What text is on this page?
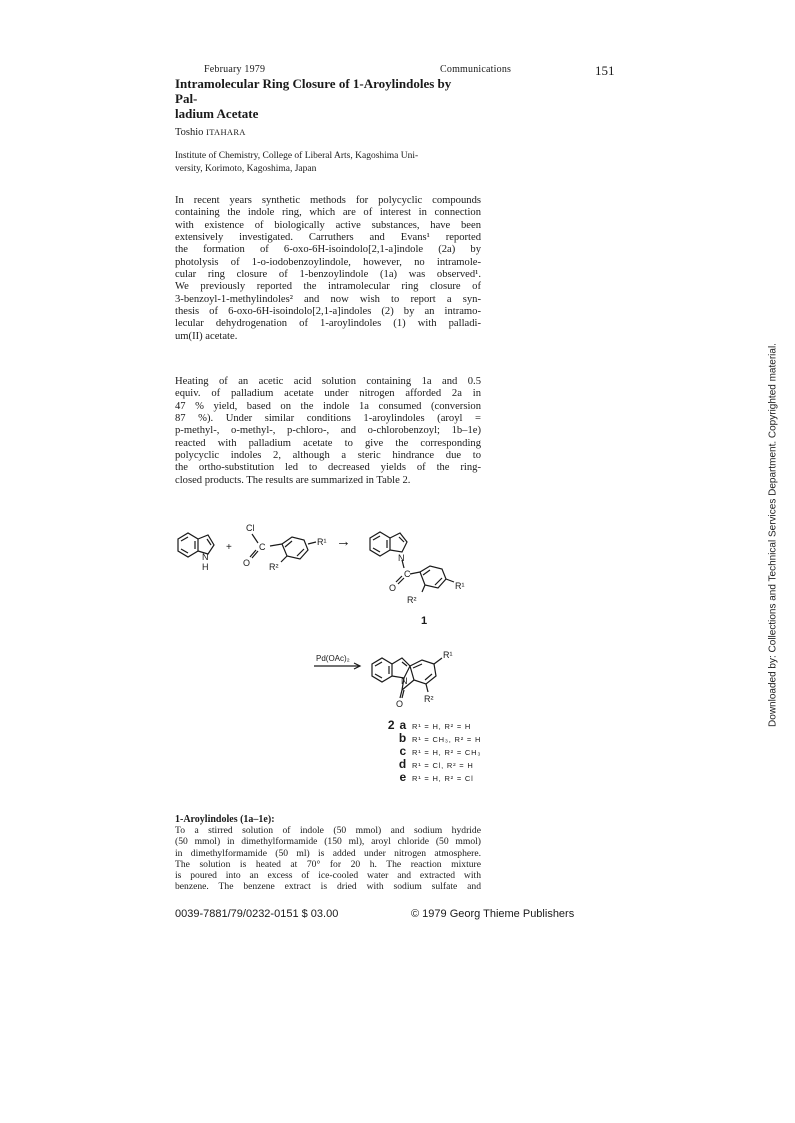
February 1979	Communications	151
Intramolecular Ring Closure of 1-Aroylindoles by Pal-
ladium Acetate
Toshio ITAHARA
Institute of Chemistry, College of Liberal Arts, Kagoshima Uni-
versity, Korimoto, Kagoshima, Japan
In recent years synthetic methods for polycyclic compounds
containing the indole ring, which are of interest in connection
with existence of biologically active substances, have been
extensively investigated. Carruthers and Evans¹ reported
the formation of 6-oxo-6H-isoindolo[2,1-a]indole (2a) by
photolysis of 1-o-iodobenzoylindole, however, no intramole-
cular ring closure of 1-benzoylindole (1a) was observed¹.
We previously reported the intramolecular ring closure of
3-benzoyl-1-methylindoles² and now wish to report a syn-
thesis of 6-oxo-6H-isoindolo[2,1-a]indoles (2) by an intramo-
lecular dehydrogenation of 1-aroylindoles (1) with palladi-
um(II) acetate.
Heating of an acetic acid solution containing 1a and 0.5
equiv. of palladium acetate under nitrogen afforded 2a in
47 % yield, based on the indole 1a consumed (conversion
87 %). Under similar conditions 1-aroylindoles (aroyl =
p-methyl-, o-methyl-, p-chloro-, and o-chlorobenzoyl; 1b–1e)
reacted with palladium acetate to give the corresponding
polycyclic indoles 2, although a steric hindrance due to
the ortho-substitution led to decreased yields of the ring-
closed products. The results are summarized in Table 2.
N
H
+
Cl
C
O
R¹
R²
→
N
C
O	R¹
R²
1
Pd(OAc)₂
N
O
R¹
R²
2 a R¹ = H, R² = H
b R¹ = CH₃, R² = H
c R¹ = H, R² = CH₃
d R¹ = Cl, R² = H
e R¹ = H, R² = Cl
1-Aroylindoles (1a–1e):
To a stirred solution of indole (50 mmol) and sodium hydride
(50 mmol) in dimethylformamide (150 ml), aroyl chloride (50 mmol)
in dimethylformamide (50 ml) is added under nitrogen atmosphere.
The solution is heated at 70° for 20 h. The reaction mixture
is poured into an excess of ice-cooled water and extracted with
benzene. The benzene extract is dried with sodium sulfate and
0039-7881/79/0232-0151 $ 03.00	© 1979 Georg Thieme Publishers
Downloaded by: Collections and Technical Services Department. Copyrighted material.
